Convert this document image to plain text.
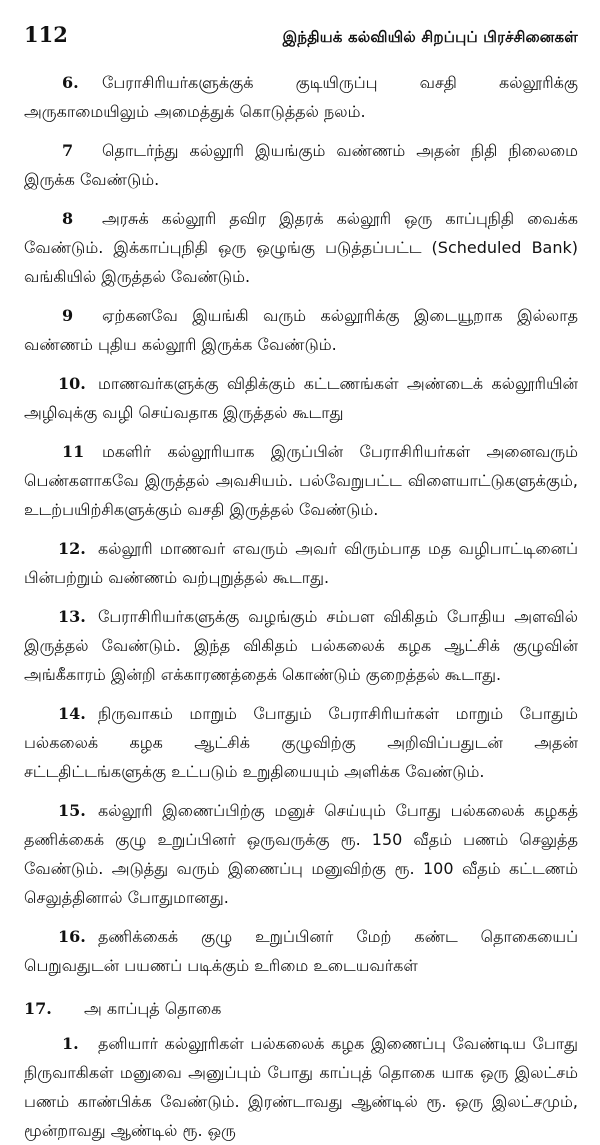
112	இந்தியக் கல்வியில் சிறப்புப் பிரச்சினைகள்

6. பேராசிரியர்களுக்குக் குடியிருப்பு வசதி கல்லூரிக்கு அருகாமையிலும் அமைத்துக் கொடுத்தல் நலம்.

7 தொடர்ந்து கல்லூரி இயங்கும் வண்ணம் அதன் நிதி நிலைமை இருக்க வேண்டும்.

8 அரசுக் கல்லூரி தவிர இதரக் கல்லூரி ஒரு காப்புநிதி வைக்க வேண்டும். இக்காப்புநிதி ஒரு ஒழுங்கு படுத்தப்பட்ட (Scheduled Bank) வங்கியில் இருத்தல் வேண்டும்.

9 ஏற்கனவே இயங்கி வரும் கல்லூரிக்கு இடையூறாக இல்லாத வண்ணம் புதிய கல்லூரி இருக்க வேண்டும்.

10. மாணவர்களுக்கு விதிக்கும் கட்டணங்கள் அண்டைக் கல்லூரியின் அழிவுக்கு வழி செய்வதாக இருத்தல் கூடாது

11 மகளிர் கல்லூரியாக இருப்பின் பேராசிரியர்கள் அனைவரும் பெண்களாகவே இருத்தல் அவசியம். பல்வேறுபட்ட விளையாட்டுகளுக்கும், உடற்பயிற்சிகளுக்கும் வசதி இருத்தல் வேண்டும்.

12. கல்லூரி மாணவர் எவரும் அவர் விரும்பாத மத வழிபாட்டினைப் பின்பற்றும் வண்ணம் வற்புறுத்தல் கூடாது.

13. பேராசிரியர்களுக்கு வழங்கும் சம்பள விகிதம் போதிய அளவில் இருத்தல் வேண்டும். இந்த விகிதம் பல்கலைக் கழக ஆட்சிக் குழுவின் அங்கீகாரம் இன்றி எக்காரணத்தைக் கொண்டும் குறைத்தல் கூடாது.

14. நிருவாகம் மாறும் போதும் பேராசிரியர்கள் மாறும் போதும் பல்கலைக் கழக ஆட்சிக் குழுவிற்கு அறிவிப்பதுடன் அதன் சட்டதிட்டங்களுக்கு உட்படும் உறுதியையும் அளிக்க வேண்டும்.

15. கல்லூரி இணைப்பிற்கு மனுச் செய்யும் போது பல்கலைக் கழகத் தணிக்கைக் குழு உறுப்பினர் ஒருவருக்கு ரூ. 150 வீதம் பணம் செலுத்த வேண்டும். அடுத்து வரும் இணைப்பு மனுவிற்கு ரூ. 100 வீதம் கட்டணம் செலுத்தினால் போதுமானது.

16. தணிக்கைக் குழு உறுப்பினர் மேற் கண்ட தொகையைப் பெறுவதுடன் பயணப் படிக்கும் உரிமை உடையவர்கள்

17. அ காப்புத் தொகை

1. தனியார் கல்லூரிகள் பல்கலைக் கழக இணைப்பு வேண்டிய போது நிருவாகிகள் மனுவை அனுப்பும் போது காப்புத் தொகை யாக ஒரு இலட்சம் பணம் காண்பிக்க வேண்டும். இரண்டாவது ஆண்டில் ரூ. ஒரு இலட்சமும், மூன்றாவது ஆண்டில் ரூ. ஒரு
